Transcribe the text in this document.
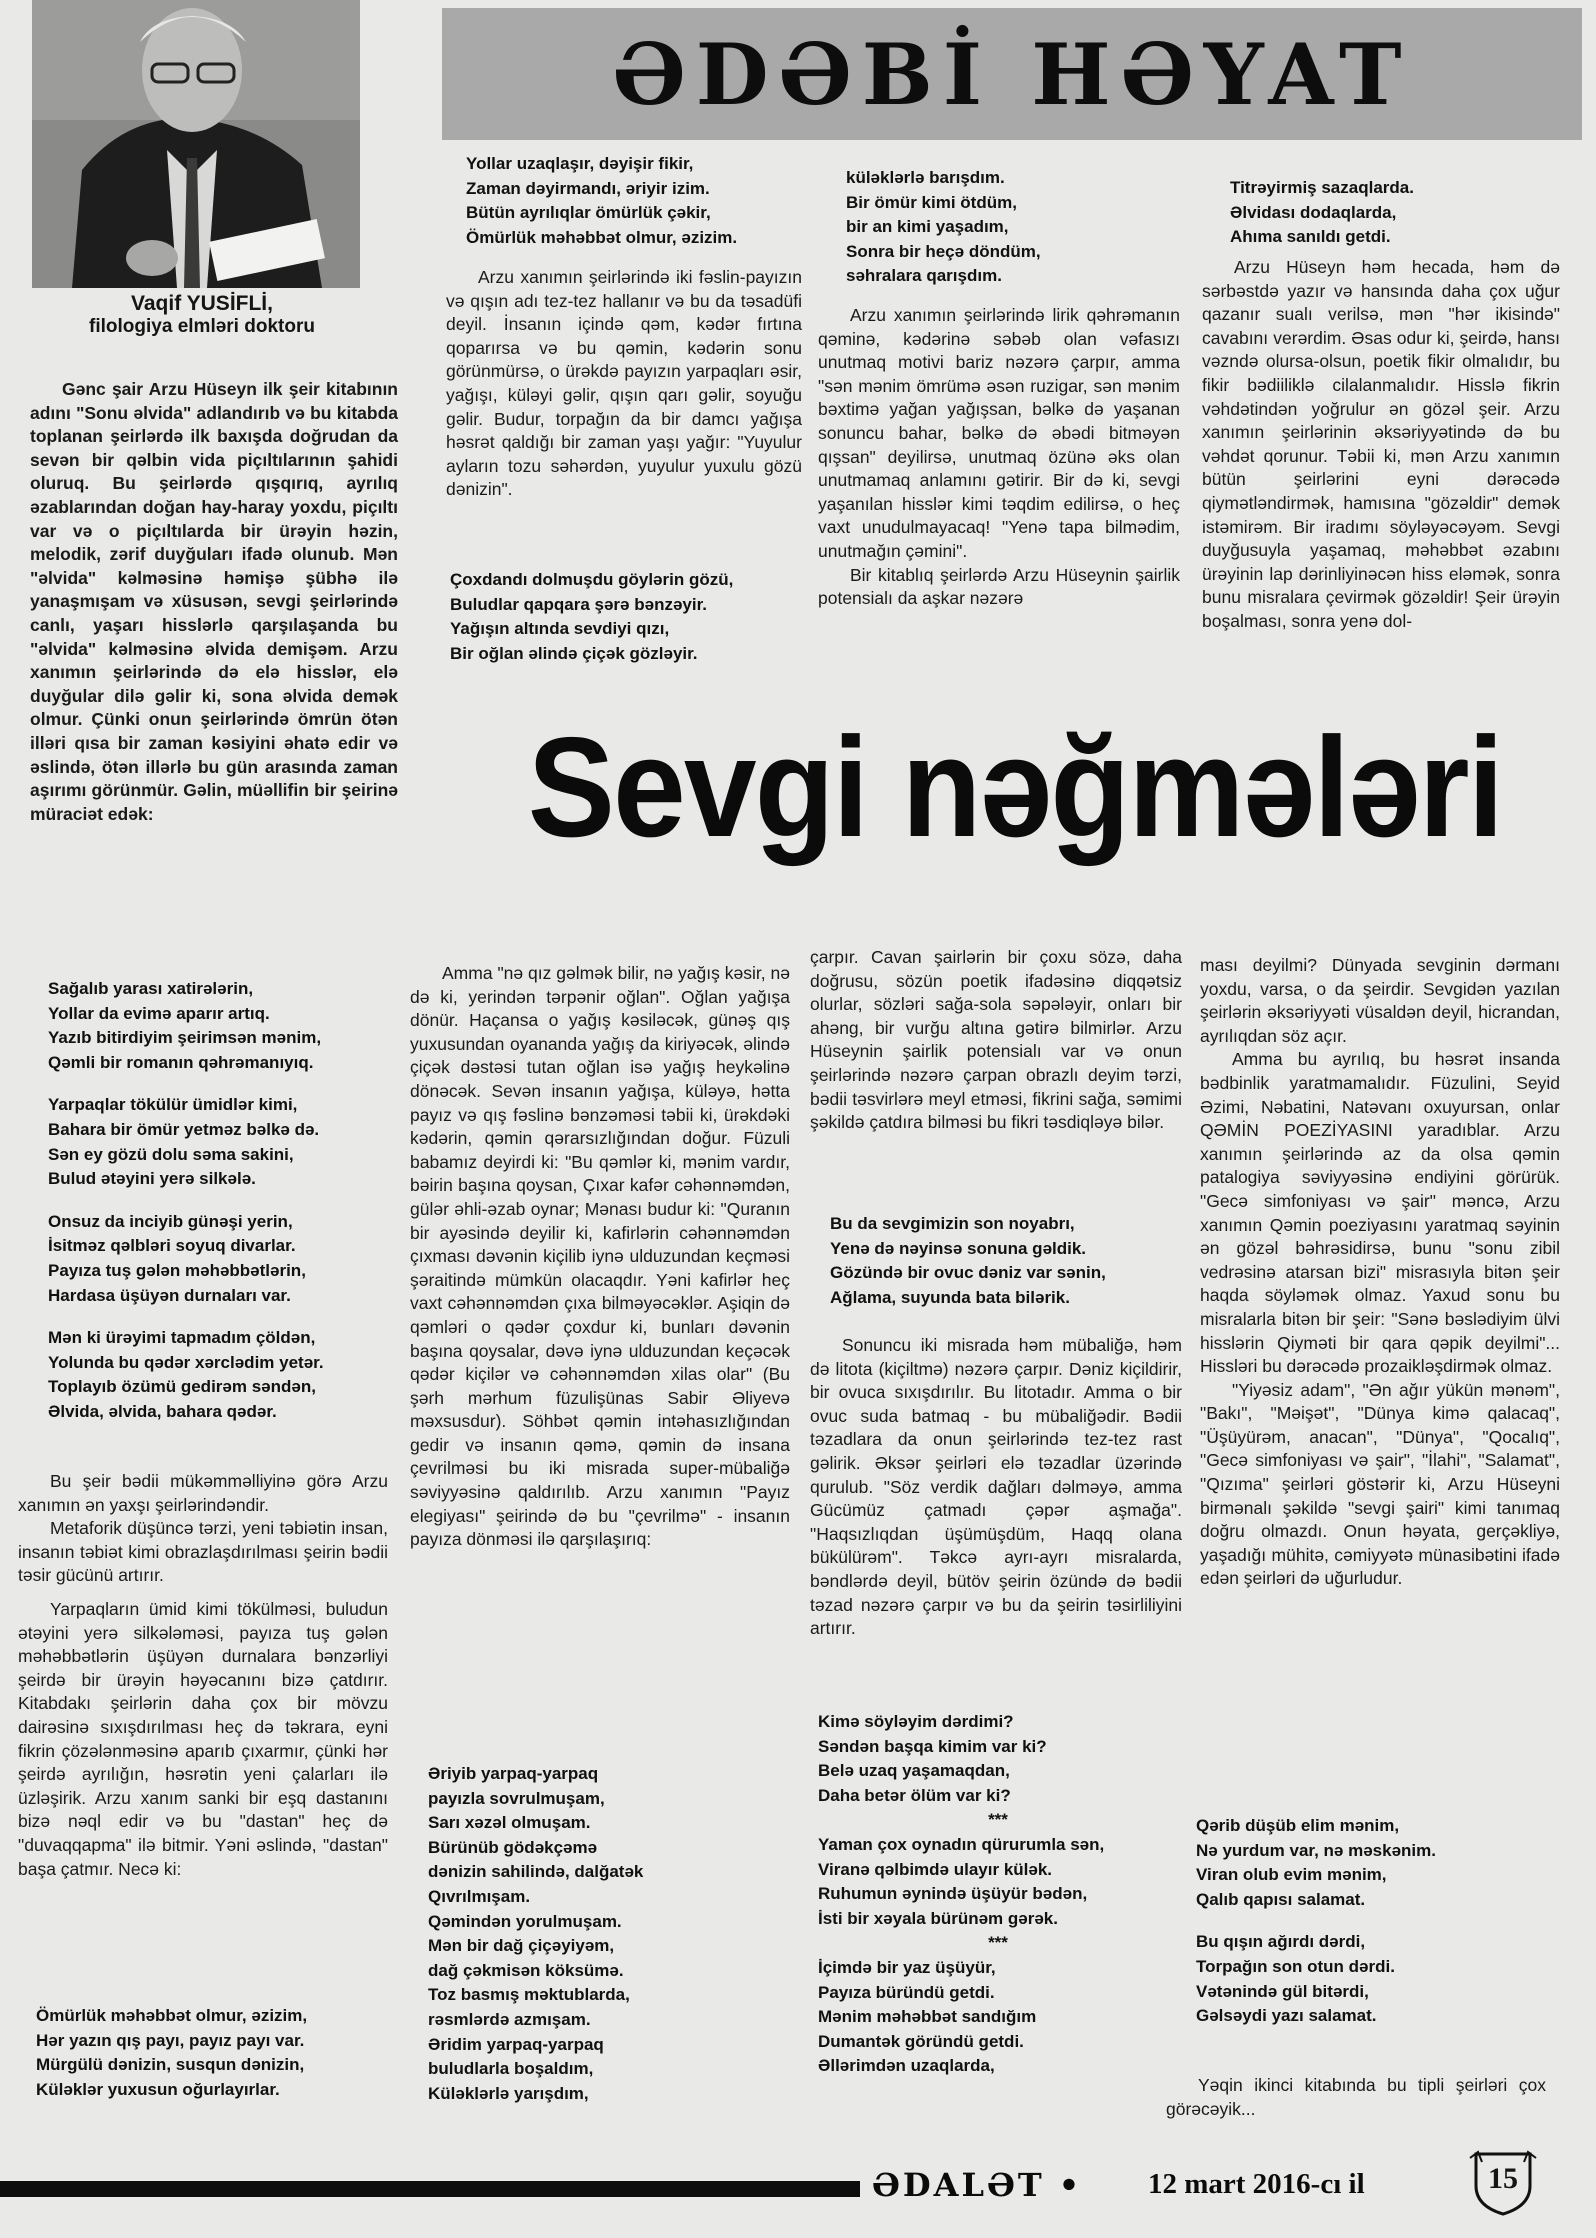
Vaqif YUSİFLİ,
filologiya elmləri doktoru
ƏDƏBİ HƏYAT

Gənc şair Arzu Hüseyn ilk şeir kitabının adını "Sonu əlvida" adlandırıb və bu kitabda toplanan şeirlərdə ilk baxışda doğrudan da sevən bir qəlbin vida piçıltılarının şahidi oluruq. Bu şeirlərdə qışqırıq, ayrılıq əzablarından doğan hay-haray yoxdu, piçıltı var və o piçıltılarda bir ürəyin həzin, melodik, zərif duyğuları ifadə olunub. Mən "əlvida" kəlməsinə həmişə şübhə ilə yanaşmışam və xüsusən, sevgi şeirlərində canlı, yaşarı hisslərlə qarşılaşanda bu "əlvida" kəlməsinə əlvida demişəm. Arzu xanımın şeirlərində də elə hisslər, elə duyğular dilə gəlir ki, sona əlvida demək olmur. Çünki onun şeirlərində ömrün ötən illəri qısa bir zaman kəsiyini əhatə edir və əslində, ötən illərlə bu gün arasında zaman aşırımı görünmür. Gəlin, müəllifin bir şeirinə müraciət edək:

Sağalıb yarası xatirələrin,
Yollar da evimə aparır artıq.
Yazıb bitirdiyim şeirimsən mənim,
Qəmli bir romanın qəhrəmanıyıq.
Yarpaqlar tökülür ümidlər kimi,
Bahara bir ömür yetməz bəlkə də.
Sən ey gözü dolu səma sakini,
Bulud ətəyini yerə silkələ.
Onsuz da inciyib günəşi yerin,
İsitməz qəlbləri soyuq divarlar.
Payıza tuş gələn məhəbbətlərin,
Hardasa üşüyən durnaları var.
Mən ki ürəyimi tapmadım çöldən,
Yolunda bu qədər xərclədim yetər.
Toplayıb özümü gedirəm səndən,
Əlvida, əlvida, bahara qədər.

Bu şeir bədii mükəmməlliyinə görə Arzu xanımın ən yaxşı şeirlərindəndir.

Metaforik düşüncə tərzi, yeni təbiətin insan, insanın təbiət kimi obrazlaşdırılması şeirin bədii təsir gücünü artırır.

Yarpaqların ümid kimi tökülməsi, buludun ətəyini yerə silkələməsi, payıza tuş gələn məhəbbətlərin üşüyən durnalara bənzərliyi şeirdə bir ürəyin həyəcanını bizə çatdırır. Kitabdakı şeirlərin daha çox bir mövzu dairəsinə sıxışdırılması heç də təkrara, eyni fikrin çözələnməsinə aparıb çıxarmır, çünki hər şeirdə ayrılığın, həsrətin yeni çalarları ilə üzləşirik. Arzu xanım sanki bir eşq dastanını bizə nəql edir və bu "dastan" heç də "duvaqqapma" ilə bitmir. Yəni əslində, "dastan" başa çatmır. Necə ki:

Ömürlük məhəbbət olmur, əzizim,
Hər yazın qış payı, payız payı var.
Mürgülü dənizin, susqun dənizin,
Küləklər yuxusun oğurlayırlar.
Yollar uzaqlaşır, dəyişir fikir,
Zaman dəyirmandı, əriyir izim.
Bütün ayrılıqlar ömürlük çəkir,
Ömürlük məhəbbət olmur, əzizim.

Arzu xanımın şeirlərində iki fəslin-payızın və qışın adı tez-tez hallanır və bu da təsadüfi deyil. İnsanın içində qəm, kədər fırtına qoparırsa və bu qəmin, kədərin sonu görünmürsə, o ürəkdə payızın yarpaqları əsir, yağışı, küləyi gəlir, qışın qarı gəlir, soyuğu gəlir. Budur, torpağın da bir damcı yağışa həsrət qaldığı bir zaman yaşı yağır: "Yuyulur ayların tozu səhərdən, yuyulur yuxulu gözü dənizin".

Çoxdandı dolmuşdu göylərin gözü,
Buludlar qapqara şərə bənzəyir.
Yağışın altında sevdiyi qızı,
Bir oğlan əlində çiçək gözləyir.
küləklərlə barışdım.
Bir ömür kimi ötdüm,
bir an kimi yaşadım,
Sonra bir heçə döndüm,
səhralara qarışdım.

Arzu xanımın şeirlərində lirik qəhrəmanın qəminə, kədərinə səbəb olan vəfasızı unutmaq motivi bariz nəzərə çarpır, amma "sən mənim ömrümə əsən ruzigar, sən mənim bəxtimə yağan yağışsan, bəlkə də yaşanan sonuncu bahar, bəlkə də əbədi bitməyən qışsan" deyilirsə, unutmaq özünə əks olan unutmamaq anlamını gətirir. Bir də ki, sevgi yaşanılan hisslər kimi təqdim edilirsə, o heç vaxt unudulmayacaq! "Yenə tapa bilmədim, unutmağın çəmini".

Bir kitablıq şeirlərdə Arzu Hüseynin şairlik potensialı da aşkar nəzərə

Titrəyirmiş sazaqlarda.
Əlvidası dodaqlarda,
Ahıma sanıldı getdi.

Arzu Hüseyn həm hecada, həm də sərbəstdə yazır və hansında daha çox uğur qazanır sualı verilsə, mən "hər ikisində" cavabını verərdim. Əsas odur ki, şeirdə, hansı vəzndə olursa-olsun, poetik fikir olmalıdır, bu fikir bədiiliklə cilalanmalıdır. Hisslə fikrin vəhdətindən yoğrulur ən gözəl şeir. Arzu xanımın şeirlərinin əksəriyyətində də bu vəhdət qorunur. Təbii ki, mən Arzu xanımın bütün şeirlərini eyni dərəcədə qiymətləndirmək, hamısına "gözəldir" demək istəmirəm. Bir iradımı söyləyəcəyəm. Sevgi duyğusuyla yaşamaq, məhəbbət əzabını ürəyinin lap dərinliyinəcən hiss eləmək, sonra bunu misralara çevirmək gözəldir! Şeir ürəyin boşalması, sonra yenə dol-

Sevgi nəğmələri

Amma "nə qız gəlmək bilir, nə yağış kəsir, nə də ki, yerindən tərpənir oğlan". Oğlan yağışa dönür. Haçansa o yağış kəsiləcək, günəş qış yuxusundan oyananda yağış da kiriyəcək, əlində çiçək dəstəsi tutan oğlan isə yağış heykəlinə dönəcək. Sevən insanın yağışa, küləyə, hətta payız və qış fəslinə bənzəməsi təbii ki, ürəkdəki kədərin, qəmin qərarsızlığından doğur. Füzuli babamız deyirdi ki: "Bu qəmlər ki, mənim vardır, bəirin başına qoysan, Çıxar kafər cəhənnəmdən, gülər əhli-əzab oynar; Mənası budur ki: "Quranın bir ayəsində deyilir ki, kafirlərin cəhənnəmdən çıxması dəvənin kiçilib iynə ulduzundan keçməsi şəraitində mümkün olacaqdır. Yəni kafirlər heç vaxt cəhənnəmdən çıxa bilməyəcəklər. Aşiqin də qəmləri o qədər çoxdur ki, bunları dəvənin başına qoysalar, dəvə iynə ulduzundan keçəcək qədər kiçilər və cəhənnəmdən xilas olar" (Bu şərh mərhum füzulişünas Sabir Əliyevə məxsusdur). Söhbət qəmin intəhasızlığından gedir və insanın qəmə, qəmin də insana çevrilməsi bu iki misrada super-mübaliğə səviyyəsinə qaldırılıb. Arzu xanımın "Payız elegiyası" şeirində də bu "çevrilmə" - insanın payıza dönməsi ilə qarşılaşırıq:

Əriyib yarpaq-yarpaq
payızla sovrulmuşam,
Sarı xəzəl olmuşam.
Bürünüb gödəkçəmə
dənizin sahilində, dalğatək
Qıvrılmışam.
Qəmindən yorulmuşam.
Mən bir dağ çiçəyiyəm,
dağ çəkmisən köksümə.
Toz basmış məktublarda,
rəsmlərdə azmışam.
Əridim yarpaq-yarpaq
buludlarla boşaldım,
Küləklərlə yarışdım,

çarpır. Cavan şairlərin bir çoxu sözə, daha doğrusu, sözün poetik ifadəsinə diqqətsiz olurlar, sözləri sağa-sola səpələyir, onları bir ahəng, bir vurğu altına gətirə bilmirlər. Arzu Hüseynin şairlik potensialı var və onun şeirlərində nəzərə çarpan obrazlı deyim tərzi, bədii təsvirlərə meyl etməsi, fikrini sağa, səmimi şəkildə çatdıra bilməsi bu fikri təsdiqləyə bilər.

Bu da sevgimizin son noyabrı,
Yenə də nəyinsə sonuna gəldik.
Gözündə bir ovuc dəniz var sənin,
Ağlama, suyunda bata bilərik.

Sonuncu iki misrada həm mübaliğə, həm də litota (kiçiltmə) nəzərə çarpır. Dəniz kiçildirir, bir ovuca sıxışdırılır. Bu litotadır. Amma o bir ovuc suda batmaq - bu mübaliğədir. Bədii təzadlara da onun şeirlərində tez-tez rast gəlirik. Əksər şeirləri elə təzadlar üzərində qurulub. "Söz verdik dağları dəlməyə, amma Gücümüz çatmadı çəpər aşmağa". "Haqsızlıqdan üşümüşdüm, Haqq olana bükülürəm". Təkcə ayrı-ayrı misralarda, bəndlərdə deyil, bütöv şeirin özündə də bədii təzad nəzərə çarpır və bu da şeirin təsirliliyini artırır.

Kimə söyləyim dərdimi?
Səndən başqa kimim var ki?
Belə uzaq yaşamaqdan,
Daha betər ölüm var ki?
***
Yaman çox oynadın qürurumla sən,
Viranə qəlbimdə ulayır külək.
Ruhumun əynində üşüyür bədən,
İsti bir xəyala bürünəm gərək.
***
İçimdə bir yaz üşüyür,
Payıza büründü getdi.
Mənim məhəbbət sandığım
Dumantək göründü getdi.
Əllərimdən uzaqlarda,

ması deyilmi? Dünyada sevginin dərmanı yoxdu, varsa, o da şeirdir. Sevgidən yazılan şeirlərin əksəriyyəti vüsaldən deyil, hicrandan, ayrılıqdan söz açır.

Amma bu ayrılıq, bu həsrət insanda bədbinlik yaratmamalıdır. Füzulini, Seyid Əzimi, Nəbatini, Natəvanı oxuyursan, onlar QƏMİN POEZİYASINI yaradıblar. Arzu xanımın şeirlərində az da olsa qəmin patalogiya səviyyəsinə endiyini görürük. "Gecə simfoniyası və şair" məncə, Arzu xanımın Qəmin poeziyasını yaratmaq səyinin ən gözəl bəhrəsidirsə, bunu "sonu zibil vedrəsinə atarsan bizi" misrasıyla bitən şeir haqda söyləmək olmaz. Yaxud sonu bu misralarla bitən bir şeir: "Sənə bəslədiyim ülvi hisslərin Qiyməti bir qara qəpik deyilmi"... Hissləri bu dərəcədə prozaikləşdirmək olmaz.

"Yiyəsiz adam", "Ən ağır yükün mənəm", "Bakı", "Məişət", "Dünya kimə qalacaq", "Üşüyürəm, anacan", "Dünya", "Qocalıq", "Gecə simfoniyası və şair", "İlahi", "Salamat", "Qızıma" şeirləri göstərir ki, Arzu Hüseyni birmənalı şəkildə "sevgi şairi" kimi tanımaq doğru olmazdı. Onun həyata, gerçəkliyə, yaşadığı mühitə, cəmiyyətə münasibətini ifadə edən şeirləri də uğurludur.

Qərib düşüb elim mənim,
Nə yurdum var, nə məskənim.
Viran olub evim mənim,
Qalıb qapısı salamat.
Bu qışın ağırdı dərdi,
Torpağın son otun dərdi.
Vətənində gül bitərdi,
Gəlsəydi yazı salamat.

Yəqin ikinci kitabında bu tipli şeirləri çox görəcəyik...

ƏDALƏT • 12 mart 2016-cı il	15
